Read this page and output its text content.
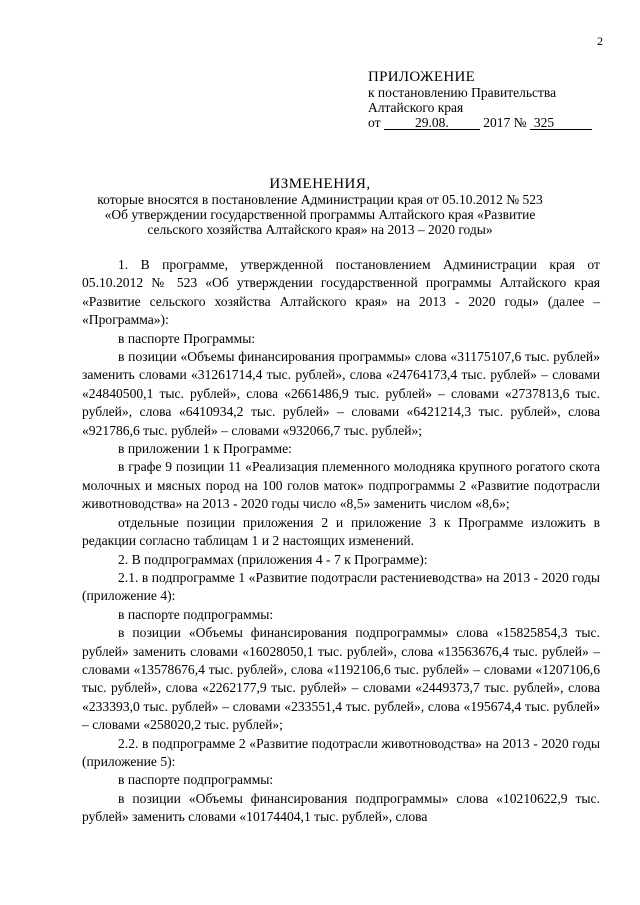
2
ПРИЛОЖЕНИЕ
к постановлению Правительства
Алтайского края
от	29.08.	2017 № 325
ИЗМЕНЕНИЯ,
которые вносятся в постановление Администрации края от 05.10.2012 № 523
«Об утверждении государственной программы Алтайского края «Развитие
сельского хозяйства Алтайского края» на 2013 – 2020 годы»

1. В программе, утвержденной постановлением Администрации края от 05.10.2012 № 523 «Об утверждении государственной программы Алтайского края «Развитие сельского хозяйства Алтайского края» на 2013 - 2020 годы» (далее – «Программа»):

в паспорте Программы:

в позиции «Объемы финансирования программы» слова «31175107,6 тыс. рублей» заменить словами «31261714,4 тыс. рублей», слова «24764173,4 тыс. рублей» – словами «24840500,1 тыс. рублей», слова «2661486,9 тыс. рублей» – словами «2737813,6 тыс. рублей», слова «6410934,2 тыс. рублей» – словами «6421214,3 тыс. рублей», слова «921786,6 тыс. рублей» – словами «932066,7 тыс. рублей»;

в приложении 1 к Программе:

в графе 9 позиции 11 «Реализация племенного молодняка крупного рогатого скота молочных и мясных пород на 100 голов маток» подпрограммы 2 «Развитие подотрасли животноводства» на 2013 - 2020 годы число «8,5» заменить числом «8,6»;

отдельные позиции приложения 2 и приложение 3 к Программе изложить в редакции согласно таблицам 1 и 2 настоящих изменений.

2. В подпрограммах (приложения 4 - 7 к Программе):

2.1. в подпрограмме 1 «Развитие подотрасли растениеводства» на 2013 - 2020 годы (приложение 4):

в паспорте подпрограммы:

в позиции «Объемы финансирования подпрограммы» слова «15825854,3 тыс. рублей» заменить словами «16028050,1 тыс. рублей», слова «13563676,4 тыс. рублей» – словами «13578676,4 тыс. рублей», слова «1192106,6 тыс. рублей» – словами «1207106,6 тыс. рублей», слова «2262177,9 тыс. рублей» – словами «2449373,7 тыс. рублей», слова «233393,0 тыс. рублей» – словами «233551,4 тыс. рублей», слова «195674,4 тыс. рублей» – словами «258020,2 тыс. рублей»;

2.2. в подпрограмме 2 «Развитие подотрасли животноводства» на 2013 - 2020 годы (приложение 5):

в паспорте подпрограммы:

в позиции «Объемы финансирования подпрограммы» слова «10210622,9 тыс. рублей» заменить словами «10174404,1 тыс. рублей», слова
